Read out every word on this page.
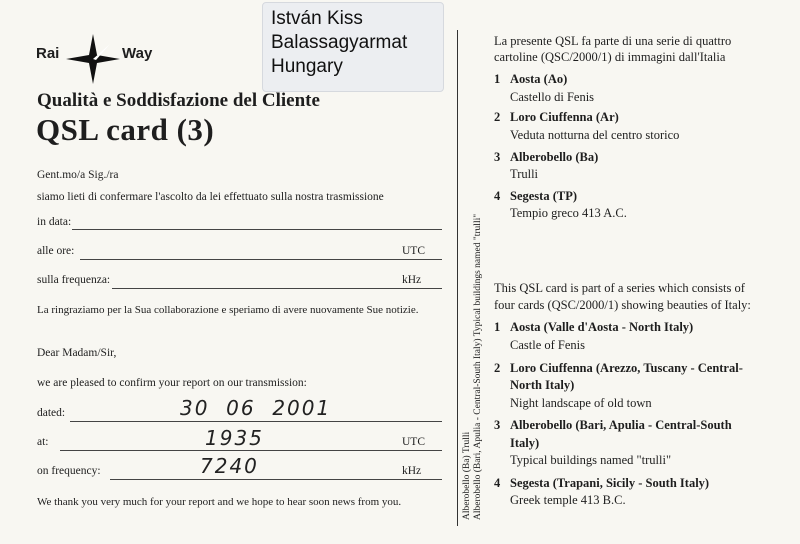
István Kiss
Balassagyarmat
Hungary
Rai	Way
Qualità e Soddisfazione del Cliente
QSL card (3)
Gent.mo/a Sig./ra
siamo lieti di confermare l'ascolto da lei effettuato sulla nostra trasmissione
in data:
alle ore:	UTC
sulla frequenza:	kHz
La ringraziamo per la Sua collaborazione e speriamo di avere nuovamente Sue notizie.
Dear Madam/Sir,
we are pleased to confirm your report on our transmission:
dated:	30  06  2001
at:	1935	UTC
on frequency:	7240	kHz
We thank you very much for your report and we hope to hear soon news from you.	Alberobello (Ba) Trulli Alberobello (Bari, Apulia - Central-South Italy) Typical buildings named "trulli"
La presente QSL fa parte di una serie di quattro
cartoline (QSC/2000/1) di immagini dall'Italia
1 Aosta (Ao)
Castello di Fenis
2 Loro Ciuffenna (Ar)
Veduta notturna del centro storico
3 Alberobello (Ba)
Trulli
4 Segesta (TP)
Tempio greco 413 A.C.
This QSL card is part of a series which consists of
four cards (QSC/2000/1) showing beauties of Italy:
1 Aosta (Valle d'Aosta - North Italy)
Castle of Fenis
2 Loro Ciuffenna (Arezzo, Tuscany - Central-
North Italy)
Night landscape of old town
3 Alberobello (Bari, Apulia - Central-South
Italy)
Typical buildings named "trulli"
4 Segesta (Trapani, Sicily - South Italy)
Greek temple 413 B.C.
